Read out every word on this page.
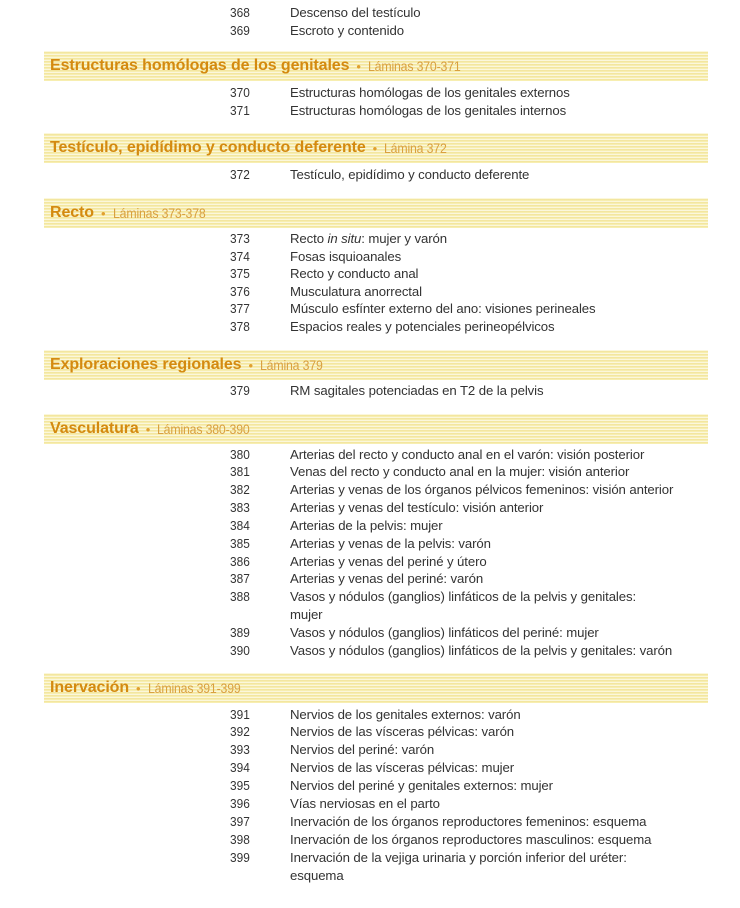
368	Descenso del testículo
369	Escroto y contenido
Estructuras homólogas de los genitales • Láminas 370-371
370	Estructuras homólogas de los genitales externos
371	Estructuras homólogas de los genitales internos
Testículo, epidídimo y conducto deferente • Lámina 372
372	Testículo, epidídimo y conducto deferente
Recto • Láminas 373-378
373	Recto in situ: mujer y varón
374	Fosas isquioanales
375	Recto y conducto anal
376	Musculatura anorrectal
377	Músculo esfínter externo del ano: visiones perineales
378	Espacios reales y potenciales perineopélvicos
Exploraciones regionales • Lámina 379
379	RM sagitales potenciadas en T2 de la pelvis
Vasculatura • Láminas 380-390
380	Arterias del recto y conducto anal en el varón: visión posterior
381	Venas del recto y conducto anal en la mujer: visión anterior
382	Arterias y venas de los órganos pélvicos femeninos: visión anterior
383	Arterias y venas del testículo: visión anterior
384	Arterias de la pelvis: mujer
385	Arterias y venas de la pelvis: varón
386	Arterias y venas del periné y útero
387	Arterias y venas del periné: varón
388	Vasos y nódulos (ganglios) linfáticos de la pelvis y genitales:
mujer
389	Vasos y nódulos (ganglios) linfáticos del periné: mujer
390	Vasos y nódulos (ganglios) linfáticos de la pelvis y genitales: varón
Inervación • Láminas 391-399
391	Nervios de los genitales externos: varón
392	Nervios de las vísceras pélvicas: varón
393	Nervios del periné: varón
394	Nervios de las vísceras pélvicas: mujer
395	Nervios del periné y genitales externos: mujer
396	Vías nerviosas en el parto
397	Inervación de los órganos reproductores femeninos: esquema
398	Inervación de los órganos reproductores masculinos: esquema
399	Inervación de la vejiga urinaria y porción inferior del uréter:
esquema
